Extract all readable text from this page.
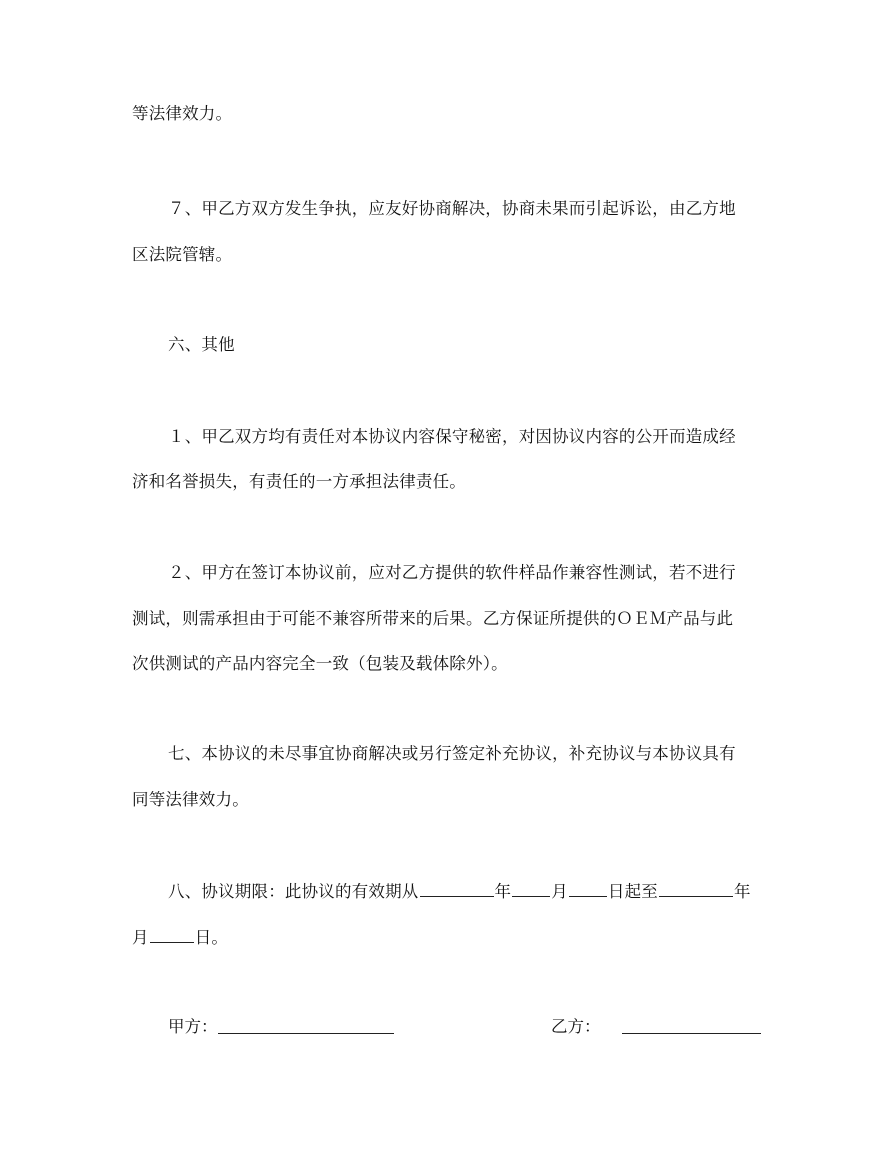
等法律效力。
７、甲乙方双方发生争执，应友好协商解决，协商未果而引起诉讼，由乙方地
区法院管辖。
六、其他
１、甲乙双方均有责任对本协议内容保守秘密，对因协议内容的公开而造成经
济和名誉损失，有责任的一方承担法律责任。
２、甲方在签订本协议前，应对乙方提供的软件样品作兼容性测试，若不进行
测试，则需承担由于可能不兼容所带来的后果。乙方保证所提供的ＯＥＭ产品与此
次供测试的产品内容完全一致（包装及载体除外）。
七、本协议的未尽事宜协商解决或另行签定补充协议，补充协议与本协议具有
同等法律效力。
八、协议期限：此协议的有效期从	年 月 日起至	年
月	日。
甲方：	乙方：
